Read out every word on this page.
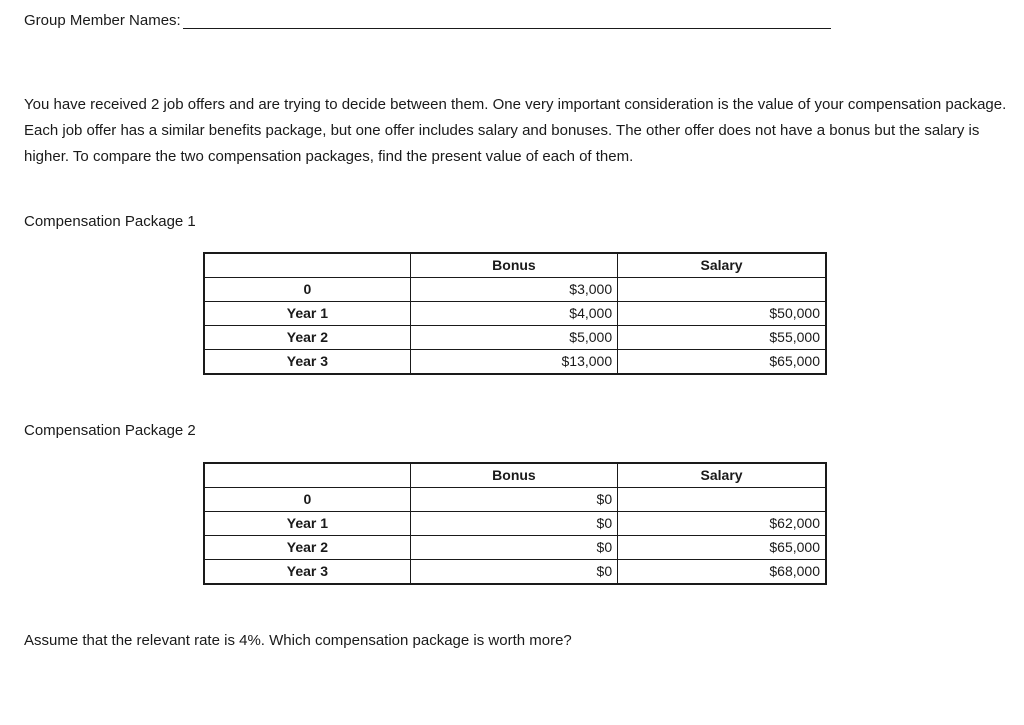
Group Member Names:

You have received 2 job offers and are trying to decide between them. One very important consideration is the value of your compensation package. Each job offer has a similar benefits package, but one offer includes salary and bonuses. The other offer does not have a bonus but the salary is higher. To compare the two compensation packages, find the present value of each of them.

Compensation Package 1

	Bonus	Salary
0	$3,000	
Year 1	$4,000	$50,000
Year 2	$5,000	$55,000
Year 3	$13,000	$65,000

Compensation Package 2

	Bonus	Salary
0	$0	
Year 1	$0	$62,000
Year 2	$0	$65,000
Year 3	$0	$68,000

Assume that the relevant rate is 4%. Which compensation package is worth more?
